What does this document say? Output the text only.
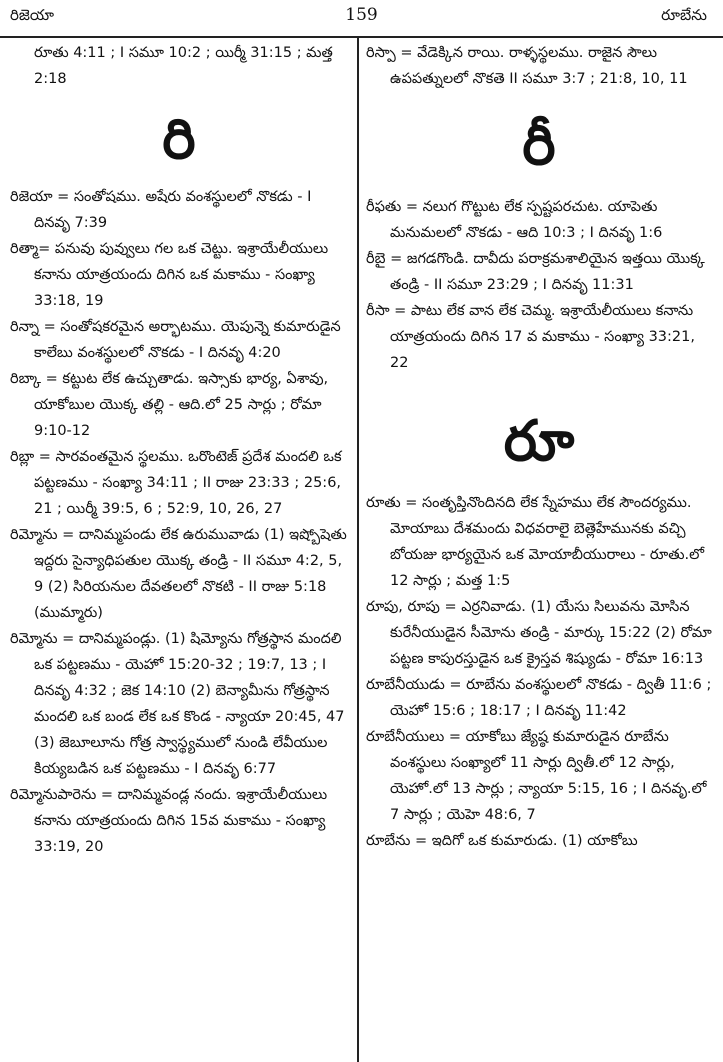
రిజెయా	159	రూబేను
రూతు 4:11 ; I సమూ 10:2 ; యిర్మీ 31:15 ; మత్త 2:18
రి
రిజెయా = సంతోషము. అషేరు వంశస్థులలో నొకడు - I దినవృ 7:39
రిత్మా= పనువు పువ్వులు గల ఒక చెట్టు. ఇశ్రాయేలీయులు కనాను యాత్రయందు దిగిన ఒక మకాము - సంఖ్యా 33:18, 19
రిన్నా = సంతోషకరమైన అర్భాటము. యెపున్నె కుమారుడైన కాలేబు వంశస్థులలో నొకడు - I దినవృ 4:20
రిబ్కా = కట్టుట లేక ఉచ్చుతాడు. ఇస్సాకు భార్య, ఏశావు, యాకోబుల యొక్క తల్లి - ఆది.లో 25 సార్లు ; రోమా 9:10-12
రిబ్లా = సారవంతమైన స్థలము. ఒరొంటెజ్ ప్రదేశ మందలి ఒక పట్టణము - సంఖ్యా 34:11 ; II రాజు 23:33 ; 25:6, 21 ; యిర్మీ 39:5, 6 ; 52:9, 10, 26, 27
రిమ్మోను = దానిమ్మపండు లేక ఉరుమువాడు (1) ఇష్బోషెతు ఇద్దరు సైన్యాధిపతుల యొక్క తండ్రి - II సమూ 4:2, 5, 9 (2) సిరియనుల దేవతలలో నొకటి - II రాజు 5:18 (ముమ్మారు)
రిమ్మోను = దానిమ్మపండ్లు. (1) షిమ్యోను గోత్రస్థాన మందలి ఒక పట్టణము - యెహో 15:20-32 ; 19:7, 13 ; I దినవృ 4:32 ; జెక 14:10 (2) బెన్యామీను గోత్రస్థాన మందలి ఒక బండ లేక ఒక కొండ - న్యాయా 20:45, 47 (3) జెబూలూను గోత్ర స్వాస్థ్యములో నుండి లేవీయుల కియ్యబడిన ఒక పట్టణము - I దినవృ 6:77
రిమ్మోనుపారెను = దానిమ్మవండ్ల నందు. ఇశ్రాయేలీయులు కనాను యాత్రయందు దిగిన 15వ మకాము - సంఖ్యా 33:19, 20
రిస్పా = వేడెక్కిన రాయి. రాళ్ళస్థలము. రాజైన సౌలు ఉపపత్నులలో నొకతె II సమూ 3:7 ; 21:8, 10, 11
రీ
రీఫతు = నలుగ గొట్టుట లేక స్పష్టపరచుట. యాపెతు మనుమలలో నొకడు - ఆది 10:3 ; I దినవృ 1:6
రీబై = జగడగొండి. దావీదు పరాక్రమశాలియైన ఇత్తయి యొక్క తండ్రి - II సమూ 23:29 ; I దినవృ 11:31
రీసా = పాటు లేక వాన లేక చెమ్మ. ఇశ్రాయేలీయులు కనాను యాత్రయందు దిగిన 17 వ మకాము - సంఖ్యా 33:21, 22
రూ
రూతు = సంతృప్తినొందినది లేక స్నేహము లేక సౌందర్యము. మోయాబు దేశమందు విధవరాలై బెత్లెహేమునకు వచ్చి బోయజు భార్యయైన ఒక మోయాబీయురాలు - రూతు.లో 12 సార్లు ; మత్త 1:5
రూపు, రూపు = ఎర్రనివాడు. (1) యేసు సిలువను మోసిన కురేనీయుడైన సీమోను తండ్రి - మార్కు 15:22 (2) రోమా పట్టణ కాపురస్తుడైన ఒక క్రైస్తవ శిష్యుడు - రోమా 16:13
రూబేనీయుడు = రూబేను వంశస్థులలో నొకడు - ద్వితీ 11:6 ; యెహో 15:6 ; 18:17 ; I దినవృ 11:42
రూబేనీయులు = యాకోబు జ్యేష్ఠ కుమారుడైన రూబేను వంశస్థులు సంఖ్యాలో 11 సార్లు ద్వితీ.లో 12 సార్లు, యెహో.లో 13 సార్లు ; న్యాయా 5:15, 16 ; I దినవృ.లో 7 సార్లు ; యెహె 48:6, 7
రూబేను = ఇదిగో ఒక కుమారుడు. (1) యాకోబు
